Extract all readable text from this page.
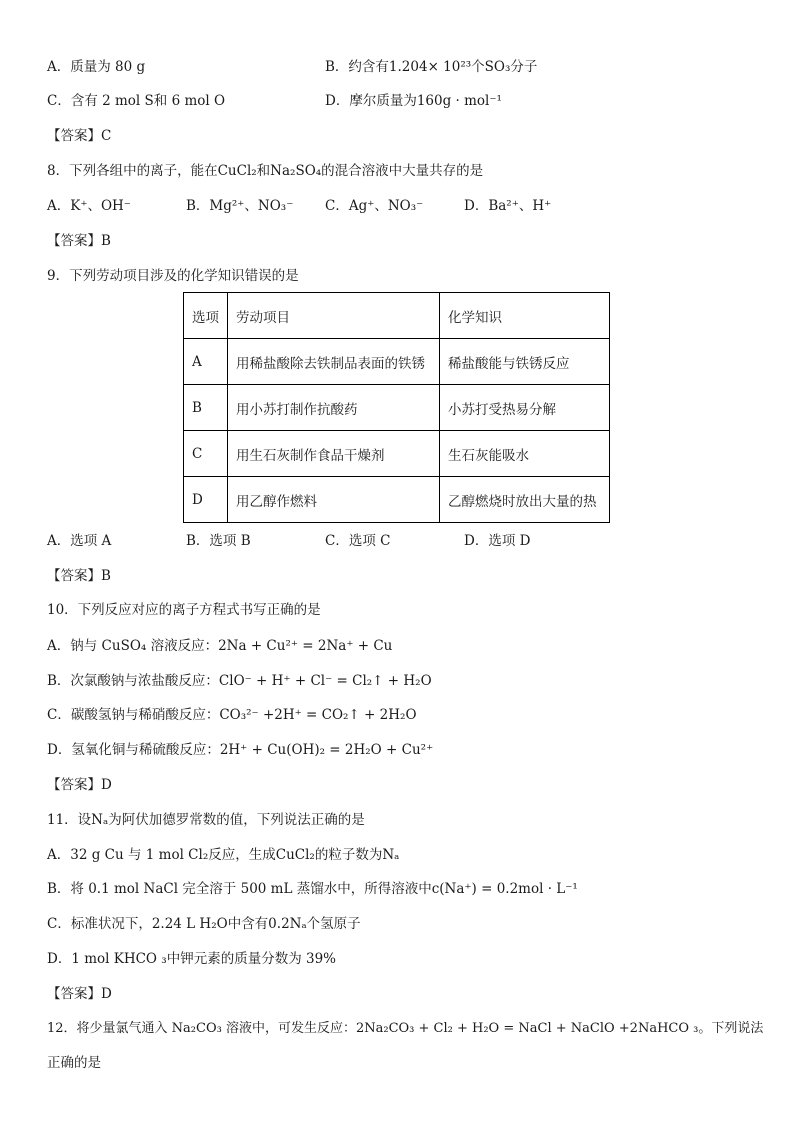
A．质量为 80 g	B．约含有1.204× 10²³个SO₃分子
C．含有 2 mol S和 6 mol O	D．摩尔质量为160g · mol⁻¹
【答案】C
8．下列各组中的离子，能在CuCl₂和Na₂SO₄的混合溶液中大量共存的是
A．K⁺、OH⁻	B．Mg²⁺、NO₃⁻ C．Ag⁺、NO₃⁻	D．Ba²⁺、H⁺
【答案】B
9．下列劳动项目涉及的化学知识错误的是
选项	劳动项目	化学知识
A	用稀盐酸除去铁制品表面的铁锈	稀盐酸能与铁锈反应
B	用小苏打制作抗酸药	小苏打受热易分解
C	用生石灰制作食品干燥剂	生石灰能吸水
D	用乙醇作燃料	乙醇燃烧时放出大量的热
A．选项 A	B．选项 B	C．选项 C	D．选项 D
【答案】B
10．下列反应对应的离子方程式书写正确的是
A．钠与 CuSO₄ 溶液反应：2Na + Cu²⁺ = 2Na⁺ + Cu
B．次氯酸钠与浓盐酸反应：ClO⁻ + H⁺ + Cl⁻ = Cl₂↑ + H₂O
C．碳酸氢钠与稀硝酸反应：CO₃²⁻ +2H⁺ = CO₂↑ + 2H₂O
D．氢氧化铜与稀硫酸反应：2H⁺ + Cu(OH)₂ = 2H₂O + Cu²⁺
【答案】D
11．设Nₐ为阿伏加德罗常数的值，下列说法正确的是
A．32 g Cu 与 1 mol Cl₂反应，生成CuCl₂的粒子数为Nₐ
B．将 0.1 mol NaCl 完全溶于 500 mL 蒸馏水中，所得溶液中c(Na⁺) = 0.2mol · L⁻¹
C．标准状况下，2.24 L H₂O中含有0.2Nₐ个氢原子
D．1 mol KHCO ₃中钾元素的质量分数为 39%
【答案】D
12．将少量氯气通入 Na₂CO₃ 溶液中，可发生反应：2Na₂CO₃ + Cl₂ + H₂O = NaCl + NaClO +2NaHCO ₃。下列说法
正确的是
